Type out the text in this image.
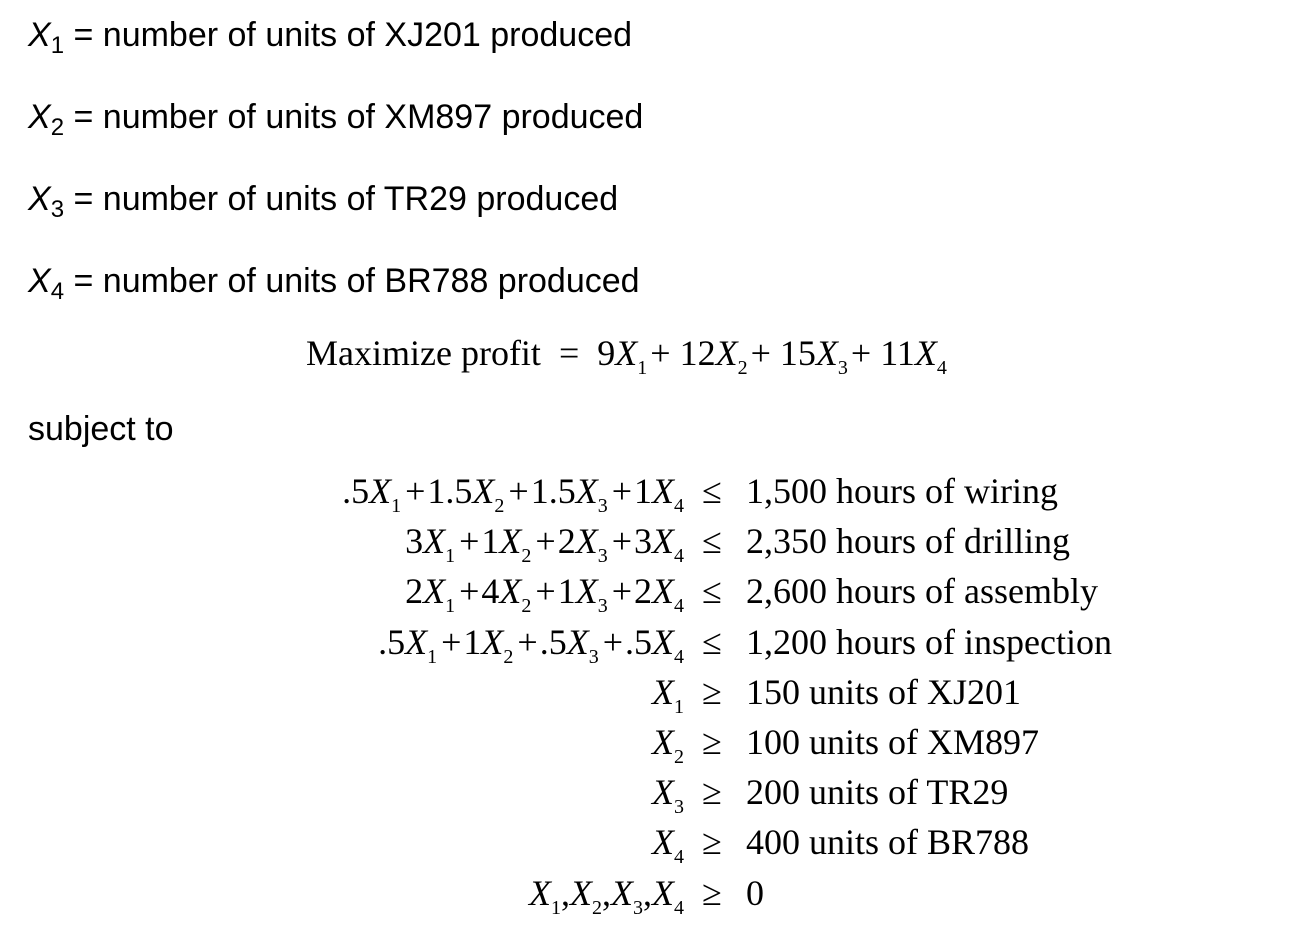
$X_1$ = number of units of XJ201 produced
$X_2$ = number of units of XM897 produced
$X_3$ = number of units of TR29 produced
$X_4$ = number of units of BR788 produced
Maximize profit = $9X_1+ 12X_2+ 15X_3+ 11X_4$
subject to
$.5X_1 +1.5X_2 +1.5X_3 +1X_4 \le 1,500$ hours of wiring
$3X_1 +1X_2 +2X_3 +3X_4 \le 2,350$ hours of drilling
$2X_1 +4X_2 +1X_3 +2X_4 \le 2,600$ hours of assembly
$.5X_1 +1X_2 +.5X_3 +.5X_4 \le 1,200$ hours of inspection
$X_1 \ge 150$ units of XJ201
$X_2 \ge 100$ units of XM897
$X_3 \ge 200$ units of TR29
$X_4 \ge 400$ units of BR788
$X_1,X_2,X_3,X_4 \ge 0$
